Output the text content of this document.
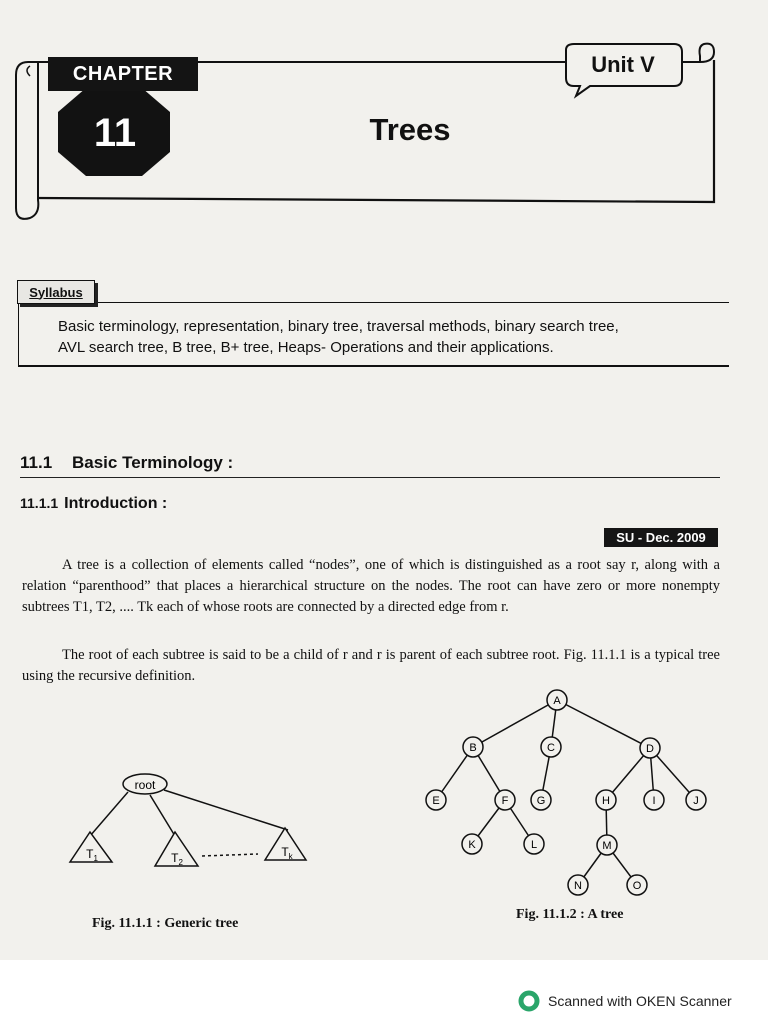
CHAPTER
11
Unit V
Trees
Syllabus
Basic terminology, representation, binary tree, traversal methods, binary search tree,
AVL search tree, B tree, B+ tree, Heaps- Operations and their applications.
11.1 Basic Terminology :
11.1.1 Introduction :
SU - Dec. 2009
A tree is a collection of elements called “nodes”, one of which is distinguished as a root say r, along with a relation “parenthood” that places a hierarchical structure on the nodes. The root can have zero or more nonempty subtrees T1, T2, .... Tk each of whose roots are connected by a directed edge from r.
The root of each subtree is said to be a child of r and r is parent of each subtree root. Fig. 11.1.1 is a typical tree using the recursive definition.
root
$T_1$	$T_2$
$T_k$
A
B	C	D
E	F	G	H	I	J
K	L	M
N	O
Fig. 11.1.1 : Generic tree
Fig. 11.1.2 : A tree
Scanned with OKEN Scanner
